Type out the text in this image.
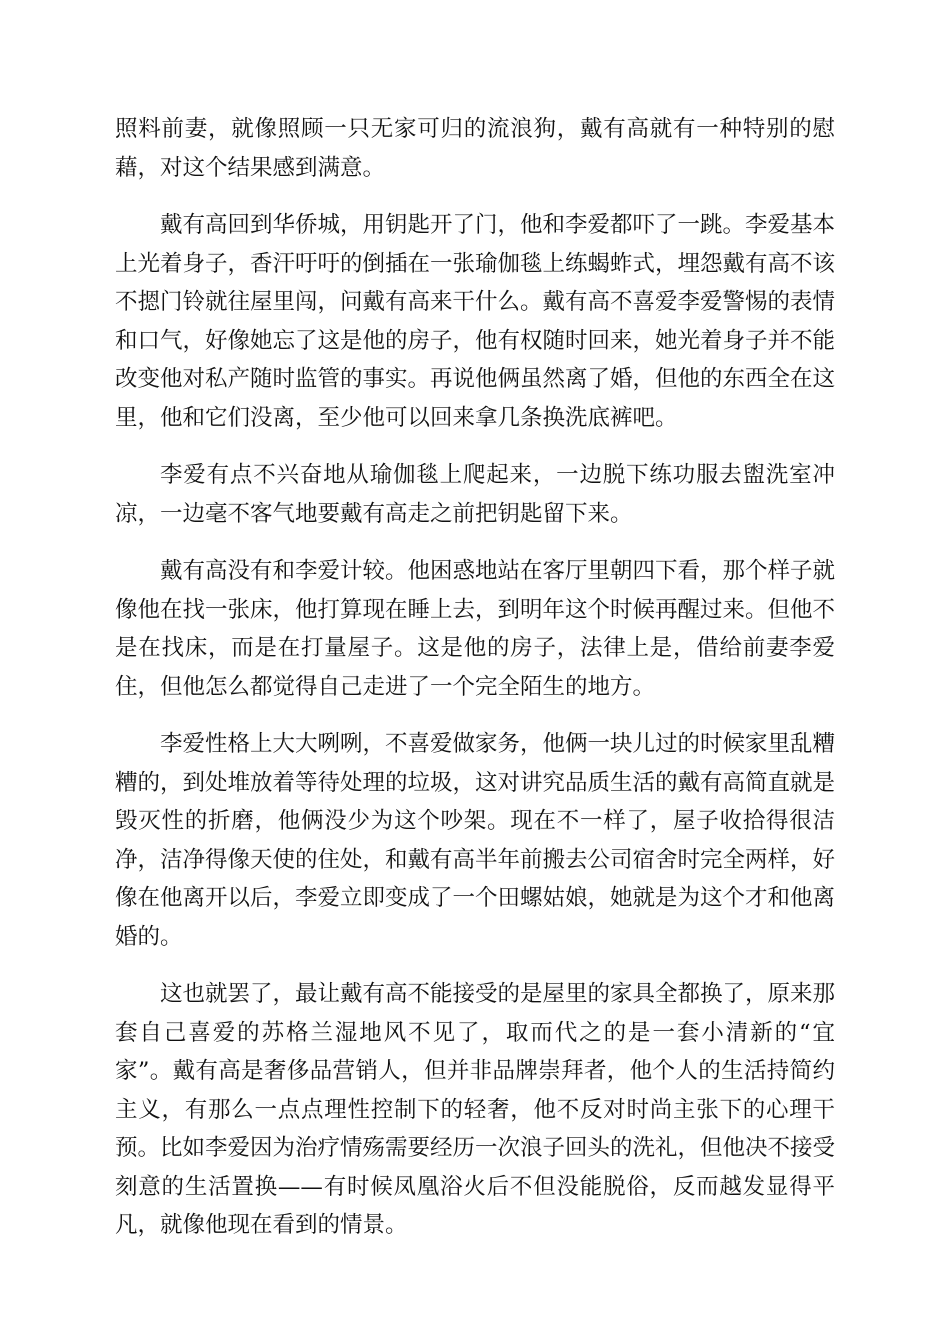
照料前妻，就像照顾一只无家可归的流浪狗，戴有高就有一种特别的慰藉，对这个结果感到满意。

戴有高回到华侨城，用钥匙开了门，他和李爱都吓了一跳。李爱基本上光着身子，香汗吁吁的倒插在一张瑜伽毯上练蝎蚱式，埋怨戴有高不该不摁门铃就往屋里闯，问戴有高来干什么。戴有高不喜爱李爱警惕的表情和口气，好像她忘了这是他的房子，他有权随时回来，她光着身子并不能改变他对私产随时监管的事实。再说他俩虽然离了婚，但他的东西全在这里，他和它们没离，至少他可以回来拿几条换洗底裤吧。

李爱有点不兴奋地从瑜伽毯上爬起来，一边脱下练功服去盥洗室冲凉，一边毫不客气地要戴有高走之前把钥匙留下来。

戴有高没有和李爱计较。他困惑地站在客厅里朝四下看，那个样子就像他在找一张床，他打算现在睡上去，到明年这个时候再醒过来。但他不是在找床，而是在打量屋子。这是他的房子，法律上是，借给前妻李爱住，但他怎么都觉得自己走进了一个完全陌生的地方。

李爱性格上大大咧咧，不喜爱做家务，他俩一块儿过的时候家里乱糟糟的，到处堆放着等待处理的垃圾，这对讲究品质生活的戴有高简直就是毁灭性的折磨，他俩没少为这个吵架。现在不一样了，屋子收拾得很洁净，洁净得像天使的住处，和戴有高半年前搬去公司宿舍时完全两样，好像在他离开以后，李爱立即变成了一个田螺姑娘，她就是为这个才和他离婚的。

这也就罢了，最让戴有高不能接受的是屋里的家具全都换了，原来那套自己喜爱的苏格兰湿地风不见了，取而代之的是一套小清新的“宜家”。戴有高是奢侈品营销人，但并非品牌崇拜者，他个人的生活持简约主义，有那么一点点理性控制下的轻奢，他不反对时尚主张下的心理干预。比如李爱因为治疗情殇需要经历一次浪子回头的洗礼，但他决不接受刻意的生活置换——有时候凤凰浴火后不但没能脱俗，反而越发显得平凡，就像他现在看到的情景。
